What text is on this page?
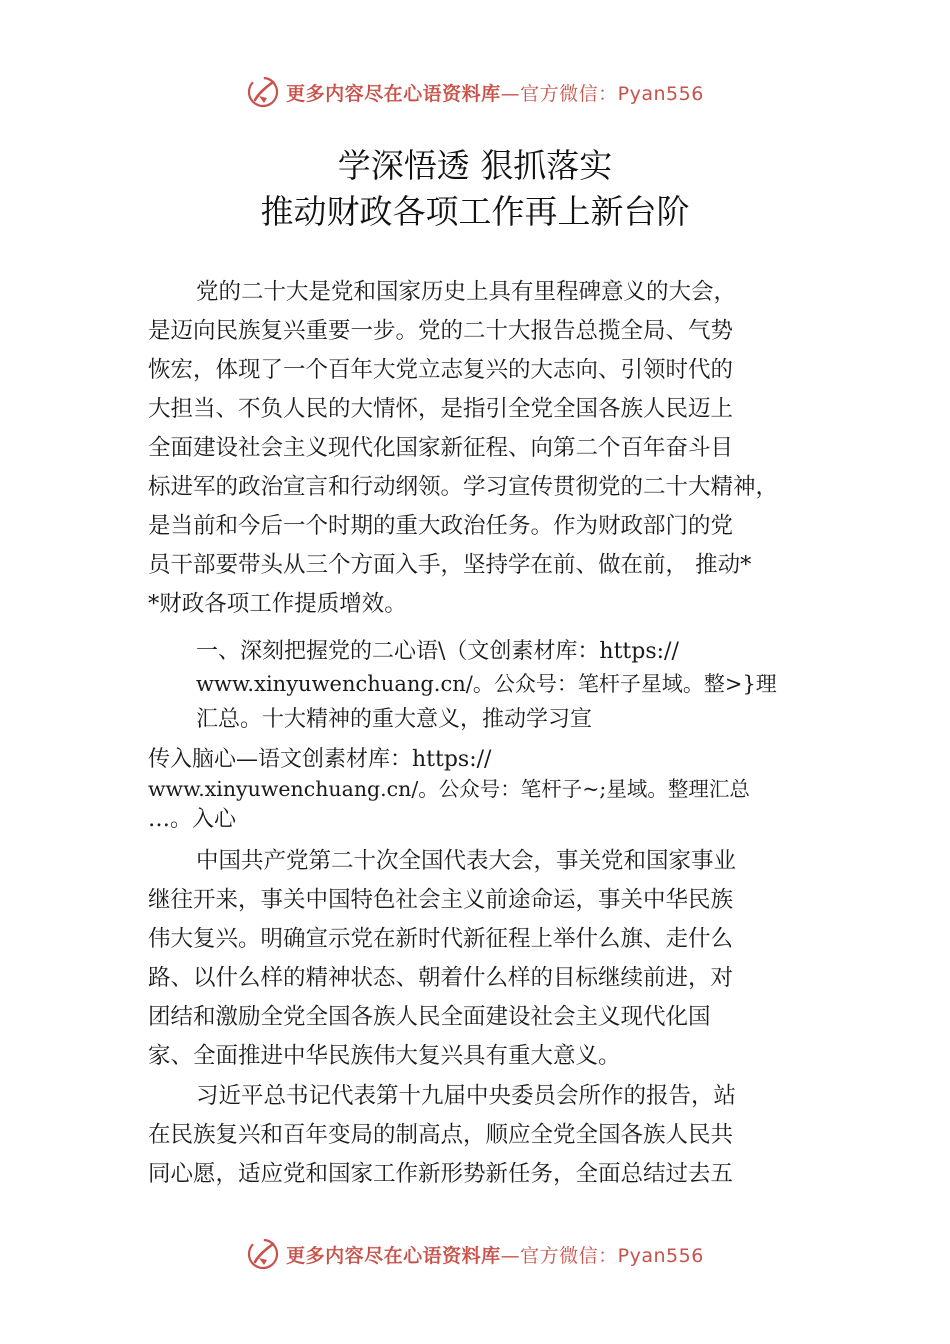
更多内容尽在心语资料库—官方微信：Pyan556
学深悟透 狠抓落实
推动财政各项工作再上新台阶
党的二十大是党和国家历史上具有里程碑意义的大会，
是迈向民族复兴重要一步。党的二十大报告总揽全局、气势
恢宏，体现了一个百年大党立志复兴的大志向、引领时代的
大担当、不负人民的大情怀，是指引全党全国各族人民迈上
全面建设社会主义现代化国家新征程、向第二个百年奋斗目
标进军的政治宣言和行动纲领。学习宣传贯彻党的二十大精神，
是当前和今后一个时期的重大政治任务。作为财政部门的党
员干部要带头从三个方面入手，坚持学在前、做在前， 推动*
*财政各项工作提质增效。
一、深刻把握党的二心语\（文创素材库：https://
www.xinyuwenchuang.cn/。公众号：笔杆子星域。整>}理
汇总。十大精神的重大意义，推动学习宣
传入脑心—语文创素材库：https://
www.xinyuwenchuang.cn/。公众号：笔杆子~;星域。整理汇总
…。入心
中国共产党第二十次全国代表大会，事关党和国家事业
继往开来，事关中国特色社会主义前途命运，事关中华民族
伟大复兴。明确宣示党在新时代新征程上举什么旗、走什么
路、以什么样的精神状态、朝着什么样的目标继续前进，对
团结和激励全党全国各族人民全面建设社会主义现代化国
家、全面推进中华民族伟大复兴具有重大意义。
习近平总书记代表第十九届中央委员会所作的报告，站
在民族复兴和百年变局的制高点，顺应全党全国各族人民共
同心愿，适应党和国家工作新形势新任务，全面总结过去五
更多内容尽在心语资料库—官方微信：Pyan556
